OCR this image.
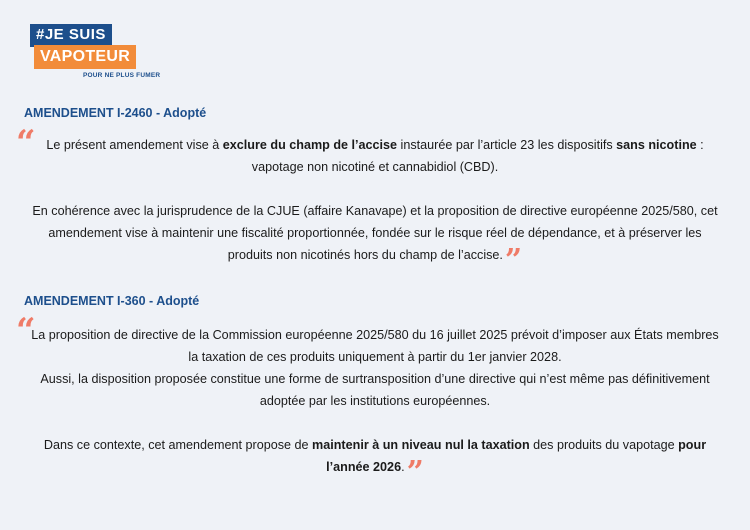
#JE SUIS
VAPOTEUR
POUR NE PLUS FUMER
AMENDEMENT I-2460 - Adopté
“ Le présent amendement vise à exclure du champ de l’accise instaurée par l’article 23 les dispositifs sans nicotine : vapotage non nicotiné et cannabidiol (CBD).
En cohérence avec la jurisprudence de la CJUE (affaire Kanavape) et la proposition de directive européenne 2025/580, cet amendement vise à maintenir une fiscalité proportionnée, fondée sur le risque réel de dépendance, et à préserver les produits non nicotinés hors du champ de l’accise.”
AMENDEMENT I-360 - Adopté
“
La proposition de directive de la Commission européenne 2025/580 du 16 juillet 2025 prévoit d’imposer aux États membres la taxation de ces produits uniquement à partir du 1er janvier 2028.
Aussi, la disposition proposée constitue une forme de surtransposition d’une directive qui n’est même pas définitivement adoptée par les institutions européennes.
Dans ce contexte, cet amendement propose de maintenir à un niveau nul la taxation des produits du vapotage pour l’année 2026.”
